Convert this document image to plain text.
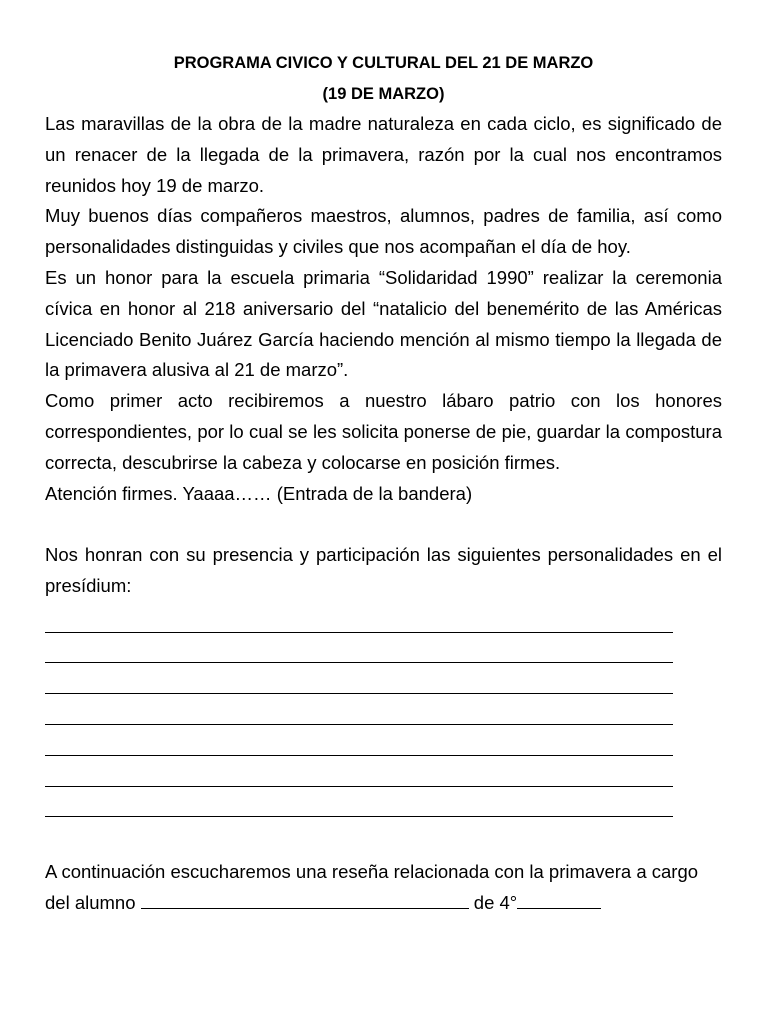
PROGRAMA CIVICO Y CULTURAL DEL 21 DE MARZO

(19 DE MARZO)

Las maravillas de la obra de la madre naturaleza en cada ciclo, es significado de un renacer de la llegada de la primavera, razón por la cual nos encontramos reunidos hoy 19 de marzo.

Muy buenos días compañeros maestros, alumnos, padres de familia, así como personalidades distinguidas y civiles que nos acompañan el día de hoy.

Es un honor para la escuela primaria “Solidaridad 1990” realizar la ceremonia cívica en honor al 218 aniversario del “natalicio del benemérito de las Américas Licenciado Benito Juárez García haciendo mención al mismo tiempo la llegada de la primavera alusiva al 21 de marzo”.

Como primer acto recibiremos a nuestro lábaro patrio con los honores correspondientes, por lo cual se les solicita ponerse de pie, guardar la compostura correcta, descubrirse la cabeza y colocarse en posición firmes.

Atención firmes. Yaaaa…… (Entrada de la bandera)

Nos honran con su presencia y participación las siguientes personalidades en el presídium:

A continuación escucharemos una reseña relacionada con la primavera a cargo del alumno	de 4°
